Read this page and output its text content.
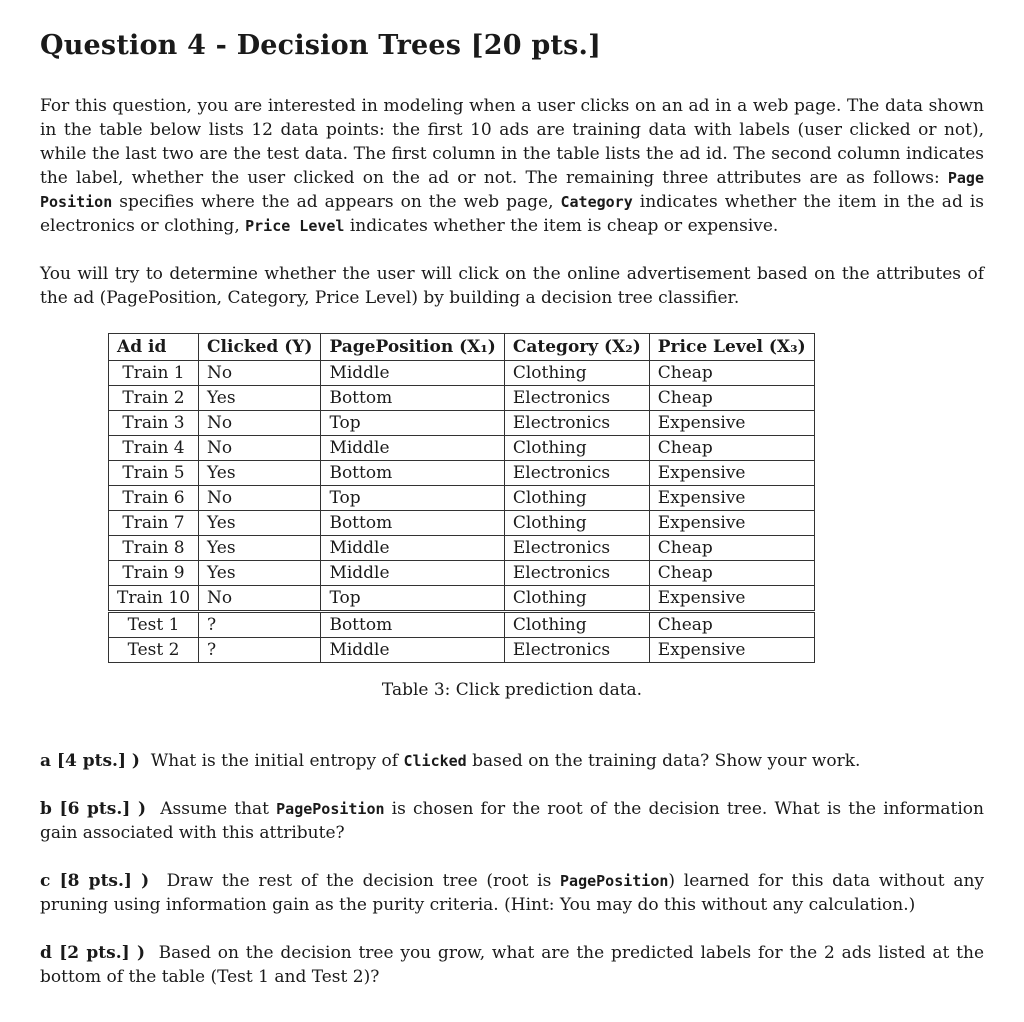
Question 4 - Decision Trees [20 pts.]
For this question, you are interested in modeling when a user clicks on an ad in a web page. The data shown in the table below lists 12 data points: the first 10 ads are training data with labels (user clicked or not), while the last two are the test data. The first column in the table lists the ad id. The second column indicates the label, whether the user clicked on the ad or not. The remaining three attributes are as follows: Page Position specifies where the ad appears on the web page, Category indicates whether the item in the ad is electronics or clothing, Price Level indicates whether the item is cheap or expensive.
You will try to determine whether the user will click on the online advertisement based on the attributes of the ad (PagePosition, Category, Price Level) by building a decision tree classifier.
Ad id	Clicked (Y)	PagePosition (X₁)	Category (X₂)	Price Level (X₃)
Train 1	No	Middle	Clothing	Cheap
Train 2	Yes	Bottom	Electronics	Cheap
Train 3	No	Top	Electronics	Expensive
Train 4	No	Middle	Clothing	Cheap
Train 5	Yes	Bottom	Electronics	Expensive
Train 6	No	Top	Clothing	Expensive
Train 7	Yes	Bottom	Clothing	Expensive
Train 8	Yes	Middle	Electronics	Cheap
Train 9	Yes	Middle	Electronics	Cheap
Train 10	No	Top	Clothing	Expensive
Test 1	?	Bottom	Clothing	Cheap
Test 2	?	Middle	Electronics	Expensive
Table 3: Click prediction data.
a [4 pts.] ) What is the initial entropy of Clicked based on the training data? Show your work.
b [6 pts.] ) Assume that PagePosition is chosen for the root of the decision tree. What is the information gain associated with this attribute?
c [8 pts.] ) Draw the rest of the decision tree (root is PagePosition) learned for this data without any pruning using information gain as the purity criteria. (Hint: You may do this without any calculation.)
d [2 pts.] ) Based on the decision tree you grow, what are the predicted labels for the 2 ads listed at the bottom of the table (Test 1 and Test 2)?
